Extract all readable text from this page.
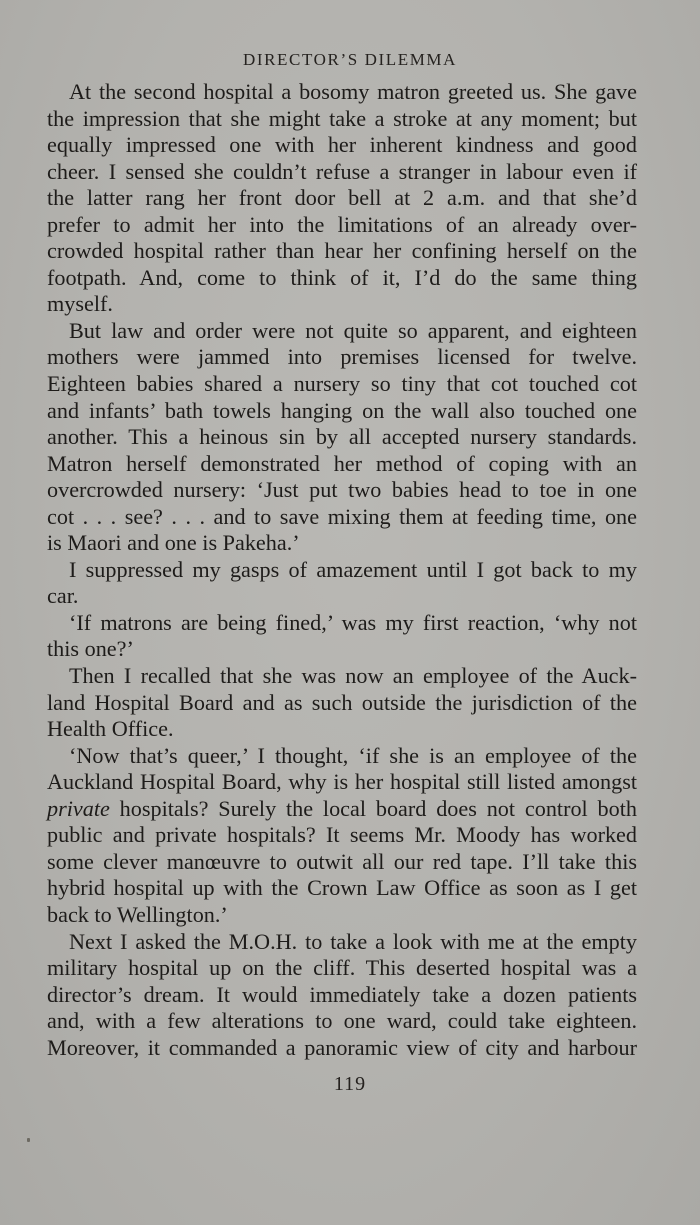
DIRECTOR’S DILEMMA
At the second hospital a bosomy matron greeted us. She gave
the impression that she might take a stroke at any moment; but
equally impressed one with her inherent kindness and good
cheer. I sensed she couldn’t refuse a stranger in labour even if
the latter rang her front door bell at 2 a.m. and that she’d
prefer to admit her into the limitations of an already over-
crowded hospital rather than hear her confining herself on the
footpath. And, come to think of it, I’d do the same thing
myself.
But law and order were not quite so apparent, and eighteen
mothers were jammed into premises licensed for twelve.
Eighteen babies shared a nursery so tiny that cot touched cot
and infants’ bath towels hanging on the wall also touched one
another. This a heinous sin by all accepted nursery standards.
Matron herself demonstrated her method of coping with an
overcrowded nursery: ‘Just put two babies head to toe in one
cot . . . see? . . . and to save mixing them at feeding time, one
is Maori and one is Pakeha.’
I suppressed my gasps of amazement until I got back to my
car.
‘If matrons are being fined,’ was my first reaction, ‘why not
this one?’
Then I recalled that she was now an employee of the Auck-
land Hospital Board and as such outside the jurisdiction of the
Health Office.
‘Now that’s queer,’ I thought, ‘if she is an employee of the
Auckland Hospital Board, why is her hospital still listed amongst
private hospitals? Surely the local board does not control both
public and private hospitals? It seems Mr. Moody has worked
some clever manœuvre to outwit all our red tape. I’ll take this
hybrid hospital up with the Crown Law Office as soon as I get
back to Wellington.’
Next I asked the M.O.H. to take a look with me at the empty
military hospital up on the cliff. This deserted hospital was a
director’s dream. It would immediately take a dozen patients
and, with a few alterations to one ward, could take eighteen.
Moreover, it commanded a panoramic view of city and harbour
119
